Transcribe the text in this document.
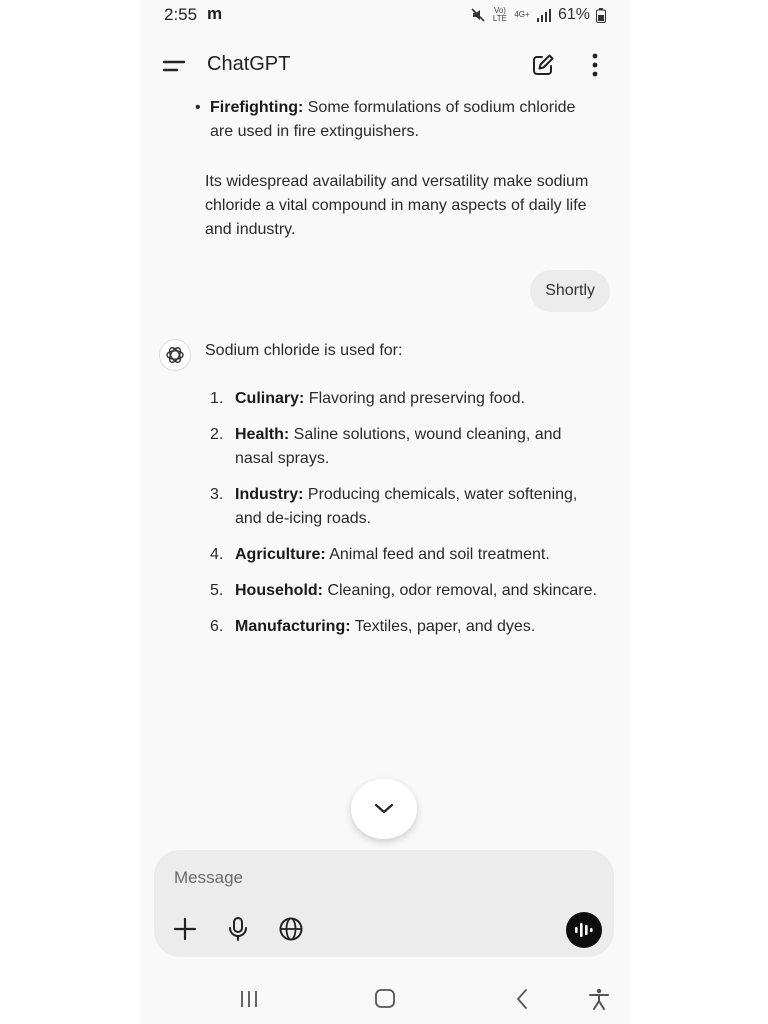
2:55 m	Vo) LTE 4G+ 61%
ChatGPT
• Firefighting: Some formulations of sodium chloride are used in fire extinguishers.
Its widespread availability and versatility make sodium chloride a vital compound in many aspects of daily life and industry.
Shortly
Sodium chloride is used for:
1. Culinary: Flavoring and preserving food.
2. Health: Saline solutions, wound cleaning, and nasal sprays.
3. Industry: Producing chemicals, water softening, and de-icing roads.
4. Agriculture: Animal feed and soil treatment.
5. Household: Cleaning, odor removal, and skincare.
6. Manufacturing: Textiles, paper, and dyes.
Message
